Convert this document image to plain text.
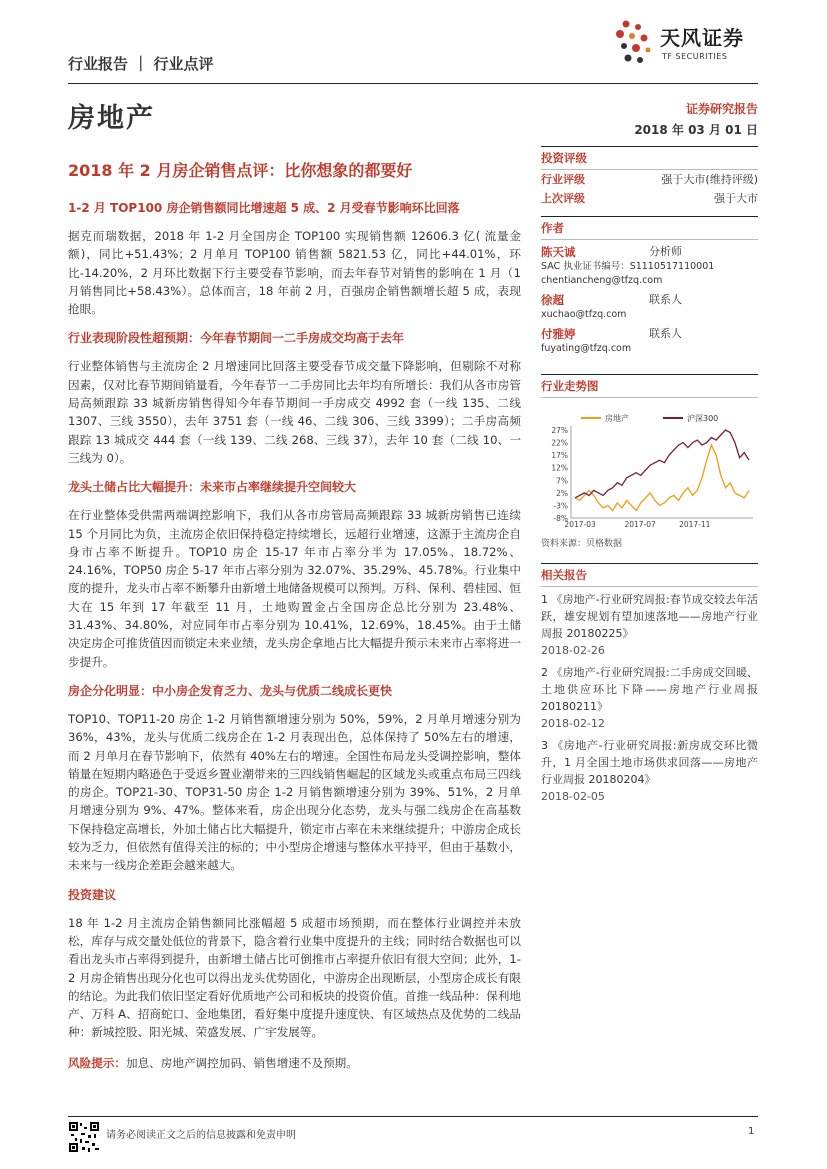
行业报告 ｜ 行业点评
天风证券
TF SECURITIES
房地产
2018 年 2 月房企销售点评：比你想象的都要好
1-2 月 TOP100 房企销售额同比增速超 5 成、2 月受春节影响环比回落

据克而瑞数据，2018 年 1-2 月全国房企 TOP100 实现销售额 12606.3 亿( 流量金额)，同比+51.43%；2 月单月 TOP100 销售额 5821.53 亿，同比+44.01%，环比-14.20%，2 月环比数据下行主要受春节影响，而去年春节对销售的影响在 1 月（1 月销售同比+58.43%）。总体而言，18 年前 2 月，百强房企销售额增长超 5 成，表现抢眼。

行业表现阶段性超预期：今年春节期间一二手房成交均高于去年

行业整体销售与主流房企 2 月增速同比回落主要受春节成交量下降影响，但剔除不对称因素，仅对比春节期间销量看，今年春节一二手房同比去年均有所增长：我们从各市房管局高频跟踪 33 城新房销售得知今年春节期间一手房成交 4992 套（一线 135、二线 1307、三线 3550），去年 3751 套（一线 46、二线 306、三线 3399）；二手房高频跟踪 13 城成交 444 套（一线 139、二线 268、三线 37），去年 10 套（二线 10、一三线为 0）。

龙头土储占比大幅提升：未来市占率继续提升空间较大

在行业整体受供需两端调控影响下，我们从各市房管局高频跟踪 33 城新房销售已连续 15 个月同比为负，主流房企依旧保持稳定持续增长，远超行业增速，这源于主流房企自身市占率不断提升。TOP10 房企 15-17 年市占率分半为 17.05%、18.72%、24.16%，TOP50 房企 5-17 年市占率分别为 32.07%、35.29%、45.78%。行业集中度的提升，龙头市占率不断攀升由新增土地储备规模可以预判。万科、保利、碧桂园、恒大在 15 年到 17 年截至 11 月，土地购置金占全国房企总比分别为 23.48%、31.43%、34.80%，对应同年市占率分别为 10.41%，12.69%，18.45%。由于土储决定房企可推货值因而锁定未来业绩，龙头房企拿地占比大幅提升预示未来市占率将进一步提升。

房企分化明显：中小房企发育乏力、龙头与优质二线成长更快

TOP10、TOP11-20 房企 1-2 月销售额增速分别为 50%，59%，2 月单月增速分别为 36%，43%，龙头与优质二线房企在 1-2 月表现出色，总体保持了 50%左右的增速，而 2 月单月在春节影响下，依然有 40%左右的增速。全国性布局龙头受调控影响，整体销量在短期内略逊色于受返乡置业潮带来的三四线销售崛起的区域龙头或重点布局三四线的房企。TOP21-30、TOP31-50 房企 1-2 月销售额增速分别为 39%、51%，2 月单月增速分别为 9%、47%。整体来看，房企出现分化态势，龙头与强二线房企在高基数下保持稳定高增长，外加土储占比大幅提升，锁定市占率在未来继续提升；中游房企成长较为乏力，但依然有值得关注的标的；中小型房企增速与整体水平持平，但由于基数小，未来与一线房企差距会越来越大。

投资建议

18 年 1-2 月主流房企销售额同比涨幅超 5 成超市场预期，而在整体行业调控并未放松，库存与成交量处低位的背景下，隐含着行业集中度提升的主线；同时结合数据也可以看出龙头市占率得到提升，由新增土储占比可倒推市占率提升依旧有很大空间；此外，1-2 月房企销售出现分化也可以得出龙头优势固化，中游房企出现断层，小型房企成长有限的结论。为此我们依旧坚定看好优质地产公司和板块的投资价值。首推一线品种：保利地产、万科 A、招商蛇口、金地集团，看好集中度提升速度快、有区域热点及优势的二线品种：新城控股、阳光城、荣盛发展、广宇发展等。

风险提示：加息、房地产调控加码、销售增速不及预期。

证券研究报告
2018 年 03 月 01 日
投资评级
行业评级	强于大市(维持评级)
上次评级	强于大市
作者
陈天诚	分析师
SAC 执业证书编号：S1110517110001
chentiancheng@tfzq.com
徐超	联系人
xuchao@tfzq.com
付雅婷	联系人
fuyating@tfzq.com
行业走势图
27%
22%
17%
12%
7%
2%
-3%
-8%
2017-03	2017-07	2017-11
房地产	沪深300
资料来源：贝格数据
相关报告
1 《房地产-行业研究周报:春节成交较去年活跃，雄安规划有望加速落地——房地产行业周报 20180225》
2018-02-26
2 《房地产-行业研究周报:二手房成交回暖、土地供应环比下降——房地产行业周报 20180211》
2018-02-12
3 《房地产-行业研究周报:新房成交环比微升，1 月全国土地市场供求回落——房地产行业周报 20180204》
2018-02-05
请务必阅读正文之后的信息披露和免责申明	1
